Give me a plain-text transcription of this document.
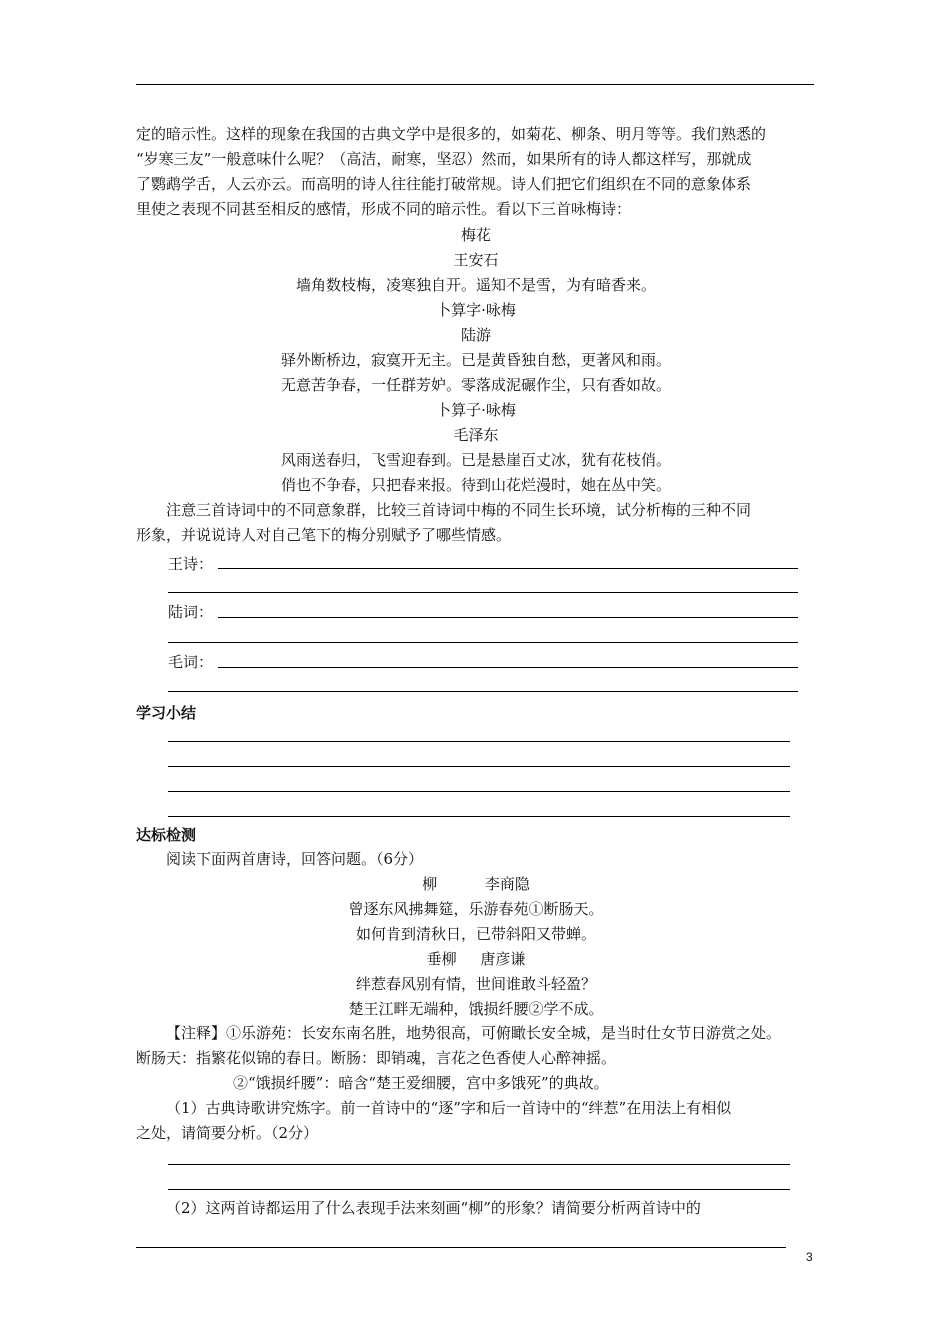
定的暗示性。这样的现象在我国的古典文学中是很多的，如菊花、柳条、明月等等。我们熟悉的
“岁寒三友”一般意味什么呢？（高洁，耐寒，坚忍）然而，如果所有的诗人都这样写，那就成
了鹦鹉学舌，人云亦云。而高明的诗人往往能打破常规。诗人们把它们组织在不同的意象体系
里使之表现不同甚至相反的感情，形成不同的暗示性。看以下三首咏梅诗：
梅花
王安石
墙角数枝梅，凌寒独自开。遥知不是雪，为有暗香来。
卜算字·咏梅
陆游
驿外断桥边，寂寞开无主。已是黄昏独自愁，更著风和雨。
无意苦争春，一任群芳妒。零落成泥碾作尘，只有香如故。
卜算子·咏梅
毛泽东
风雨送春归，飞雪迎春到。已是悬崖百丈冰，犹有花枝俏。
俏也不争春，只把春来报。待到山花烂漫时，她在丛中笑。
注意三首诗词中的不同意象群，比较三首诗词中梅的不同生长环境，试分析梅的三种不同
形象，并说说诗人对自己笔下的梅分别赋予了哪些情感。
王诗：
陆词：
毛词：
学习小结
达标检测
阅读下面两首唐诗，回答问题。（6分）
柳          李商隐
曾逐东风拂舞筵，乐游春苑①断肠天。
如何肯到清秋日，已带斜阳又带蝉。
垂柳     唐彦谦
绊惹春风别有情，世间谁敢斗轻盈？
楚王江畔无端种，饿损纤腰②学不成。
【注释】①乐游苑：长安东南名胜，地势很高，可俯瞰长安全城，是当时仕女节日游赏之处。
断肠天：指繁花似锦的春日。断肠：即销魂，言花之色香使人心醉神摇。
②“饿损纤腰”：暗含“楚王爱细腰，宫中多饿死”的典故。
（1）古典诗歌讲究炼字。前一首诗中的“逐”字和后一首诗中的“绊惹”在用法上有相似
之处，请简要分析。（2分）
（2）这两首诗都运用了什么表现手法来刻画“柳”的形象？请简要分析两首诗中的
3
